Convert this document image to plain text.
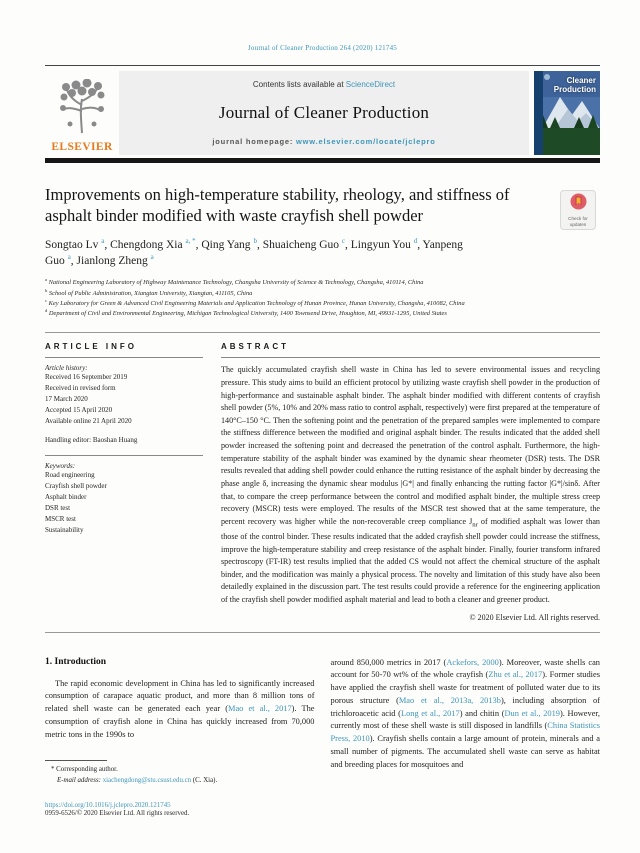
Journal of Cleaner Production 264 (2020) 121745
ELSEVIER
Contents lists available at ScienceDirect
Journal of Cleaner Production
journal homepage: www.elsevier.com/locate/jclepro
Cleaner
Production
Improvements on high-temperature stability, rheology, and stiffness of asphalt binder modified with waste crayfish shell powder	Check for
updates
Songtao Lv $^a$, Chengdong Xia $^{a, *}$, Qing Yang $^b$, Shuaicheng Guo $^c$, Lingyun You $^d$, Yanpeng Guo $^a$, Jianlong Zheng $^a$
$^a$ National Engineering Laboratory of Highway Maintenance Technology, Changsha University of Science & Technology, Changsha, 410114, China
$^b$ School of Public Administration, Xiangtan University, Xiangtan, 411105, China
$^c$ Key Laboratory for Green & Advanced Civil Engineering Materials and Application Technology of Hunan Province, Hunan University, Changsha, 410082, China
$^d$ Department of Civil and Environmental Engineering, Michigan Technological University, 1400 Townsend Drive, Houghton, MI, 49931-1295, United States
ARTICLE INFO
Article history:
Received 16 September 2019
Received in revised form
17 March 2020
Accepted 15 April 2020
Available online 21 April 2020
Handling editor: Baoshan Huang
Keywords:
Road engineering
Crayfish shell powder
Asphalt binder
DSR test
MSCR test
Sustainability
ABSTRACT
The quickly accumulated crayfish shell waste in China has led to severe environmental issues and recycling pressure. This study aims to build an efficient protocol by utilizing waste crayfish shell powder in the production of high-performance and sustainable asphalt binder. The asphalt binder modified with different contents of crayfish shell powder (5%, 10% and 20% mass ratio to control asphalt, respectively) were first prepared at the temperature of 140°C–150 °C. Then the softening point and the penetration of the prepared samples were implemented to compare the stiffness difference between the modified and original asphalt binder. The results indicated that the added shell powder increased the softening point and decreased the penetration of the control asphalt. Furthermore, the high-temperature stability of the asphalt binder was examined by the dynamic shear rheometer (DSR) tests. The DSR results revealed that adding shell powder could enhance the rutting resistance of the asphalt binder by decreasing the phase angle δ, increasing the dynamic shear modulus |G*| and finally enhancing the rutting factor |G*|/sinδ. After that, to compare the creep performance between the control and modified asphalt binder, the multiple stress creep recovery (MSCR) tests were employed. The results of the MSCR test showed that at the same temperature, the percent recovery was higher while the non-recoverable creep compliance $J_{nr}$ of modified asphalt was lower than those of the control binder. These results indicated that the added crayfish shell powder could increase the stiffness, improve the high-temperature stability and creep resistance of the asphalt binder. Finally, fourier transform infrared spectroscopy (FT-IR) test results implied that the added CS would not affect the chemical structure of the asphalt binder, and the modification was mainly a physical process. The novelty and limitation of this study have also been detailedly explained in the discussion part. The test results could provide a reference for the engineering application of the crayfish shell powder modified asphalt material and lead to both a cleaner and greener product.
© 2020 Elsevier Ltd. All rights reserved.
1. Introduction

The rapid economic development in China has led to significantly increased consumption of carapace aquatic product, and more than 8 million tons of related shell waste can be generated each year (Mao et al., 2017). The consumption of crayfish alone in China has quickly increased from 70,000 metric tons in the 1990s to

* Corresponding author.
E-mail address: xiachengdong@stu.csust.edu.cn (C. Xia).
https://doi.org/10.1016/j.jclepro.2020.121745
0959-6526/© 2020 Elsevier Ltd. All rights reserved.

around 850,000 metrics in 2017 (Ackefors, 2000). Moreover, waste shells can account for 50-70 wt% of the whole crayfish (Zhu et al., 2017). Former studies have applied the crayfish shell waste for treatment of polluted water due to its porous structure (Mao et al., 2013a, 2013b), including absorption of trichloroacetic acid (Long et al., 2017) and chitin (Dun et al., 2019). However, currently most of these shell waste is still disposed in landfills (China Statistics Press, 2010). Crayfish shells contain a large amount of protein, minerals and a small number of pigments. The accumulated shell waste can serve as habitat and breeding places for mosquitoes and
